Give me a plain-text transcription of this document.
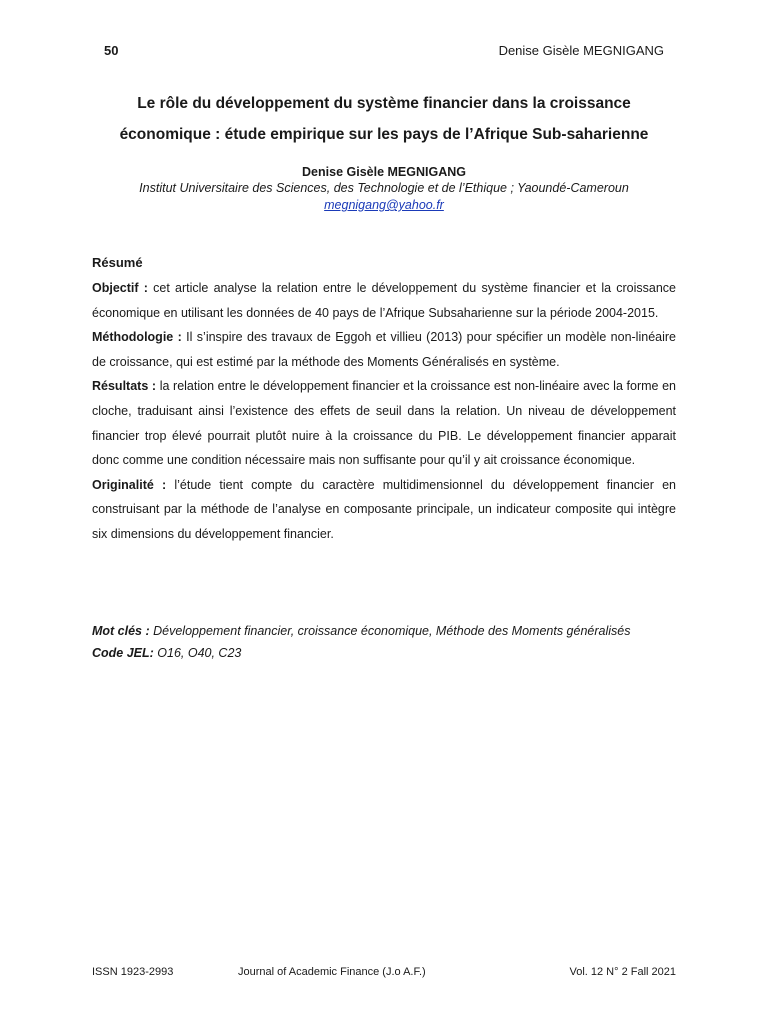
50	Denise Gisèle MEGNIGANG
Le rôle du développement du système financier dans la croissance
économique : étude empirique sur les pays de l’Afrique Sub-saharienne
Denise Gisèle MEGNIGANG
Institut Universitaire des Sciences, des Technologie et de l’Ethique ; Yaoundé-Cameroun
megnigang@yahoo.fr
Résumé

Objectif : cet article analyse la relation entre le développement du système financier et la croissance économique en utilisant les données de 40 pays de l’Afrique Subsaharienne sur la période 2004-2015.

Méthodologie : Il s’inspire des travaux de Eggoh et villieu (2013) pour spécifier un modèle non-linéaire de croissance, qui est estimé par la méthode des Moments Généralisés en système.

Résultats : la relation entre le développement financier et la croissance est non-linéaire avec la forme en cloche, traduisant ainsi l’existence des effets de seuil dans la relation. Un niveau de développement financier trop élevé pourrait plutôt nuire à la croissance du PIB. Le développement financier apparait donc comme une condition nécessaire mais non suffisante pour qu’il y ait croissance économique.

Originalité : l’étude tient compte du caractère multidimensionnel du développement financier en construisant par la méthode de l’analyse en composante principale, un indicateur composite qui intègre six dimensions du développement financier.

Mot clés : Développement financier, croissance économique, Méthode des Moments généralisés

Code JEL: O16, O40, C23

ISSN 1923-2993	Journal of Academic Finance (J.o A.F.)	Vol. 12 N° 2 Fall 2021
